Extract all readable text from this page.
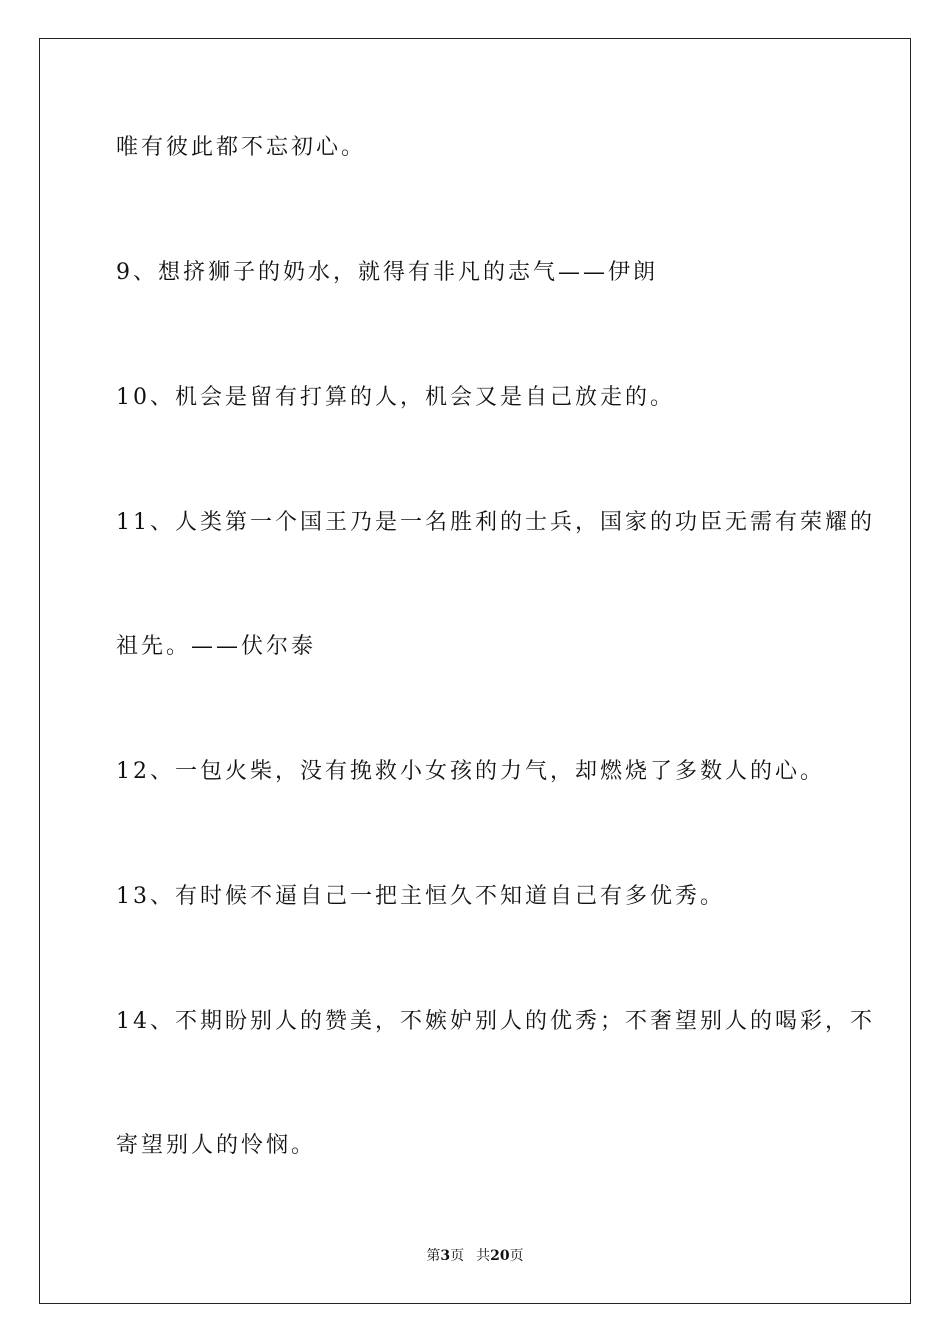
唯有彼此都不忘初心。

9、想挤狮子的奶水，就得有非凡的志气——伊朗

10、机会是留有打算的人，机会又是自己放走的。

11、人类第一个国王乃是一名胜利的士兵，国家的功臣无需有荣耀的

祖先。——伏尔泰

12、一包火柴，没有挽救小女孩的力气，却燃烧了多数人的心。

13、有时候不逼自己一把主恒久不知道自己有多优秀。

14、不期盼别人的赞美，不嫉妒别人的优秀；不奢望别人的喝彩，不

寄望别人的怜悯。

第3页 共20页
